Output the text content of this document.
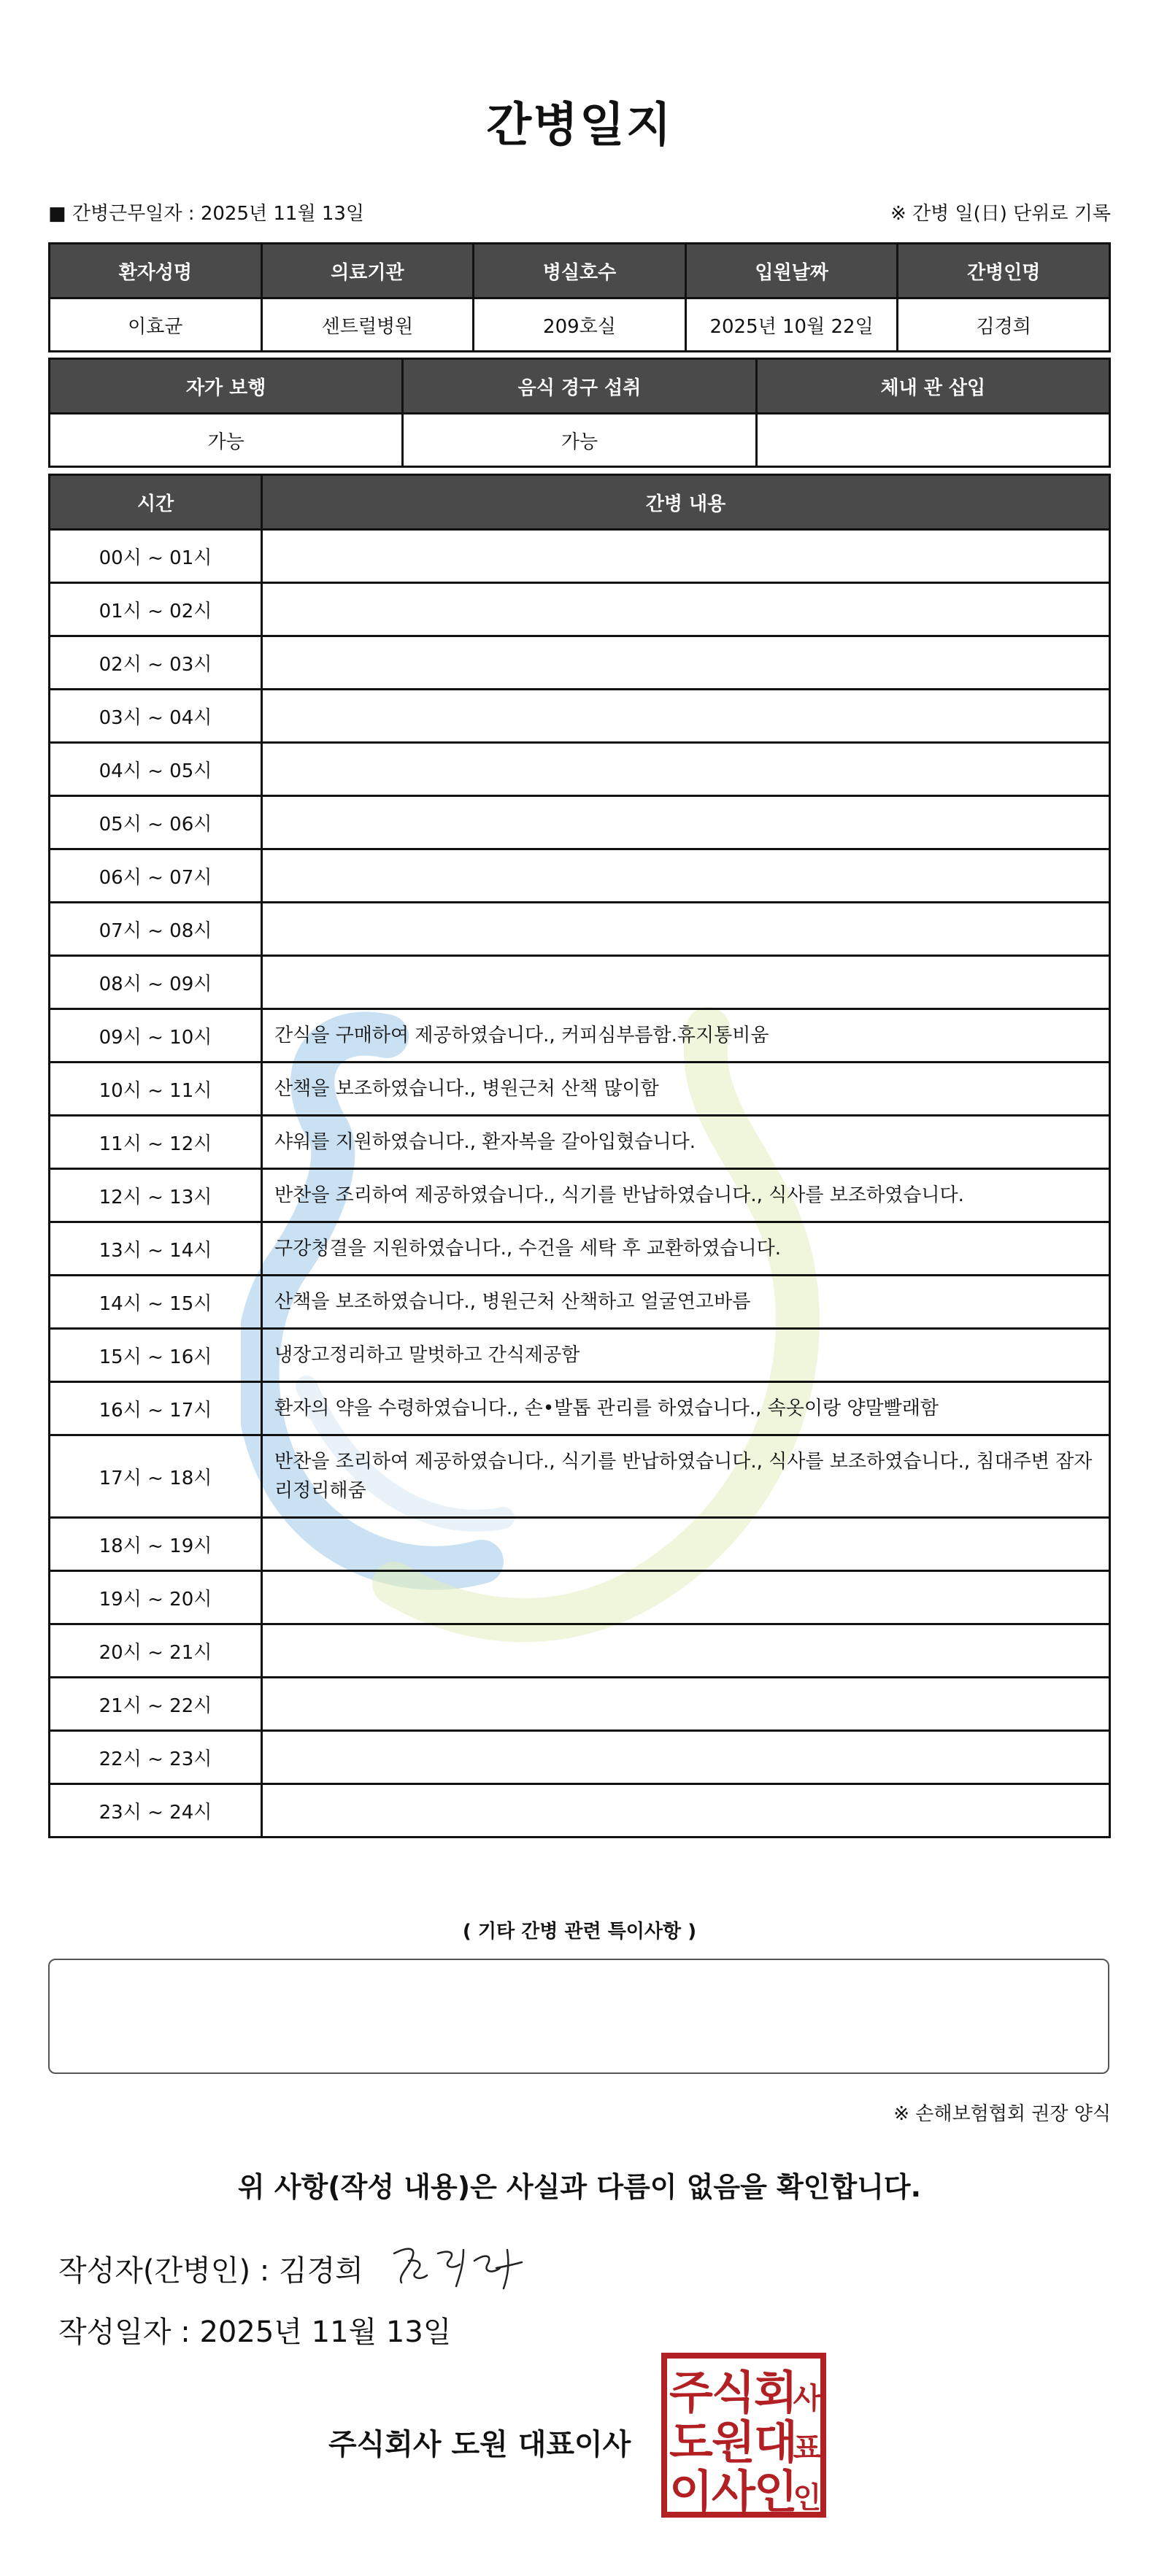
간병일지
■ 간병근무일자 : 2025년 11월 13일	※ 간병 일(日) 단위로 기록
환자성명	의료기관	병실호수	입원날짜	간병인명
이효균	센트럴병원	209호실	2025년 10월 22일	김경희
자가 보행	음식 경구 섭취	체내 관 삽입
가능	가능	
시간	간병 내용
00시 ~ 01시	
01시 ~ 02시	
02시 ~ 03시	
03시 ~ 04시	
04시 ~ 05시	
05시 ~ 06시	
06시 ~ 07시	
07시 ~ 08시	
08시 ~ 09시	
09시 ~ 10시	간식을 구매하여 제공하였습니다., 커피심부름함.휴지통비움
10시 ~ 11시	산책을 보조하였습니다., 병원근처 산책 많이함
11시 ~ 12시	샤워를 지원하였습니다., 환자복을 갈아입혔습니다.
12시 ~ 13시	반찬을 조리하여 제공하였습니다., 식기를 반납하였습니다., 식사를 보조하였습니다.
13시 ~ 14시	구강청결을 지원하였습니다., 수건을 세탁 후 교환하였습니다.
14시 ~ 15시	산책을 보조하였습니다., 병원근처 산책하고 얼굴연고바름
15시 ~ 16시	냉장고정리하고 말벗하고 간식제공함
16시 ~ 17시	환자의 약을 수령하였습니다., 손•발톱 관리를 하였습니다., 속옷이랑 양말빨래함
17시 ~ 18시	반찬을 조리하여 제공하였습니다., 식기를 반납하였습니다., 식사를 보조하였습니다., 침대주변 잠자리정리해줌
18시 ~ 19시	
19시 ~ 20시	
20시 ~ 21시	
21시 ~ 22시	
22시 ~ 23시	
23시 ~ 24시	
( 기타 간병 관련 특이사항 )
※ 손해보험협회 권장 양식
위 사항(작성 내용)은 사실과 다름이 없음을 확인합니다.
작성자(간병인) : 김경희
작성일자 : 2025년 11월 13일
주식회사 도원 대표이사
주
식
회
사
도
원
대
표
이
사
인
인
